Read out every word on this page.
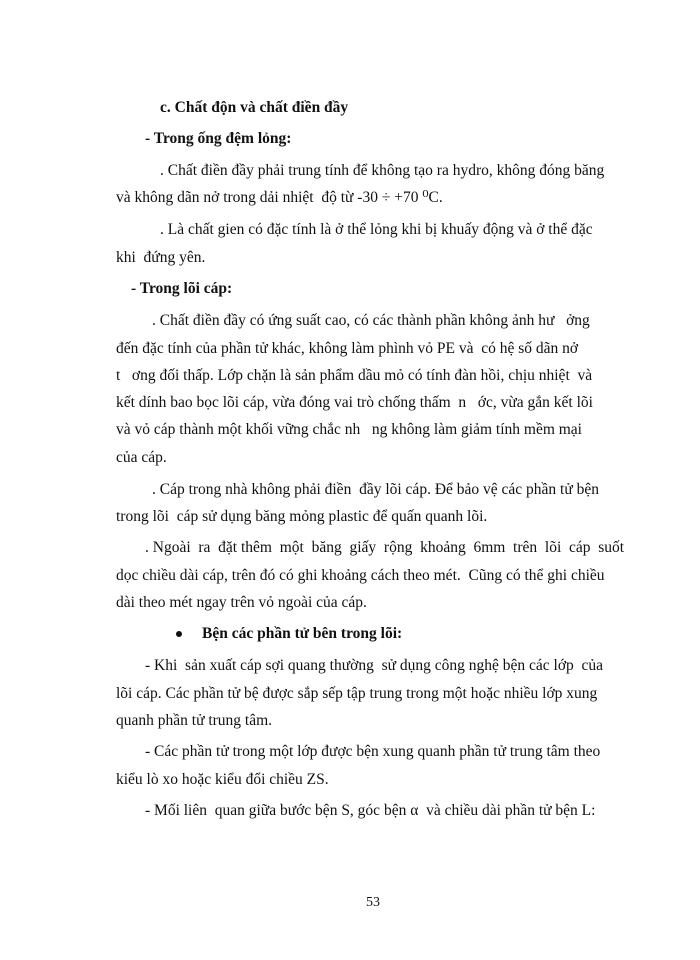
c. Chất độn và chất điền đầy
- Trong ống đệm lỏng:
. Chất điền đầy phải trung tính để không tạo ra hydro, không đóng băng
và không dãn nở trong dải nhiệt  độ từ -30 ÷ +70 ⁰C.
. Là chất gien có đặc tính là ở thể lỏng khi bị khuấy động và ở thể đặc
khi  đứng yên.
- Trong lõi cáp:
. Chất điền đầy có ứng suất cao, có các thành phần không ảnh hư   ởng
đến đặc tính của phần tử khác, không làm phình vỏ PE và  có hệ số dãn nở
t   ơng đối thấp. Lớp chặn là sản phẩm dầu mỏ có tính đàn hồi, chịu nhiệt  và
kết dính bao bọc lõi cáp, vừa đóng vai trò chống thấm  n   ớc, vừa gắn kết lõi
và vỏ cáp thành một khối vững chắc nh   ng không làm giảm tính mềm mại
của cáp.
. Cáp trong nhà không phải điền  đầy lõi cáp. Để bảo vệ các phần tử bện
trong lõi  cáp sử dụng băng mỏng plastic để quấn quanh lõi.
. Ngoài  ra  đặt thêm  một  băng  giấy  rộng  khoảng  6mm  trên  lõi  cáp  suốt
dọc chiều dài cáp, trên đó có ghi khoảng cách theo mét.  Cũng có thể ghi chiều
dài theo mét ngay trên vỏ ngoài của cáp.
Bện các phần tử bên trong lõi:
- Khi  sản xuất cáp sợi quang thường  sử dụng công nghệ bện các lớp  của
lõi cáp. Các phần tử bệ được sắp sếp tập trung trong một hoặc nhiều lớp xung
quanh phần tử trung tâm.
- Các phần tử trong một lớp được bện xung quanh phần tử trung tâm theo
kiểu lò xo hoặc kiểu đổi chiều ZS.
- Mối liên  quan giữa bước bện S, góc bện α  và chiều dài phần tử bện L:
53
